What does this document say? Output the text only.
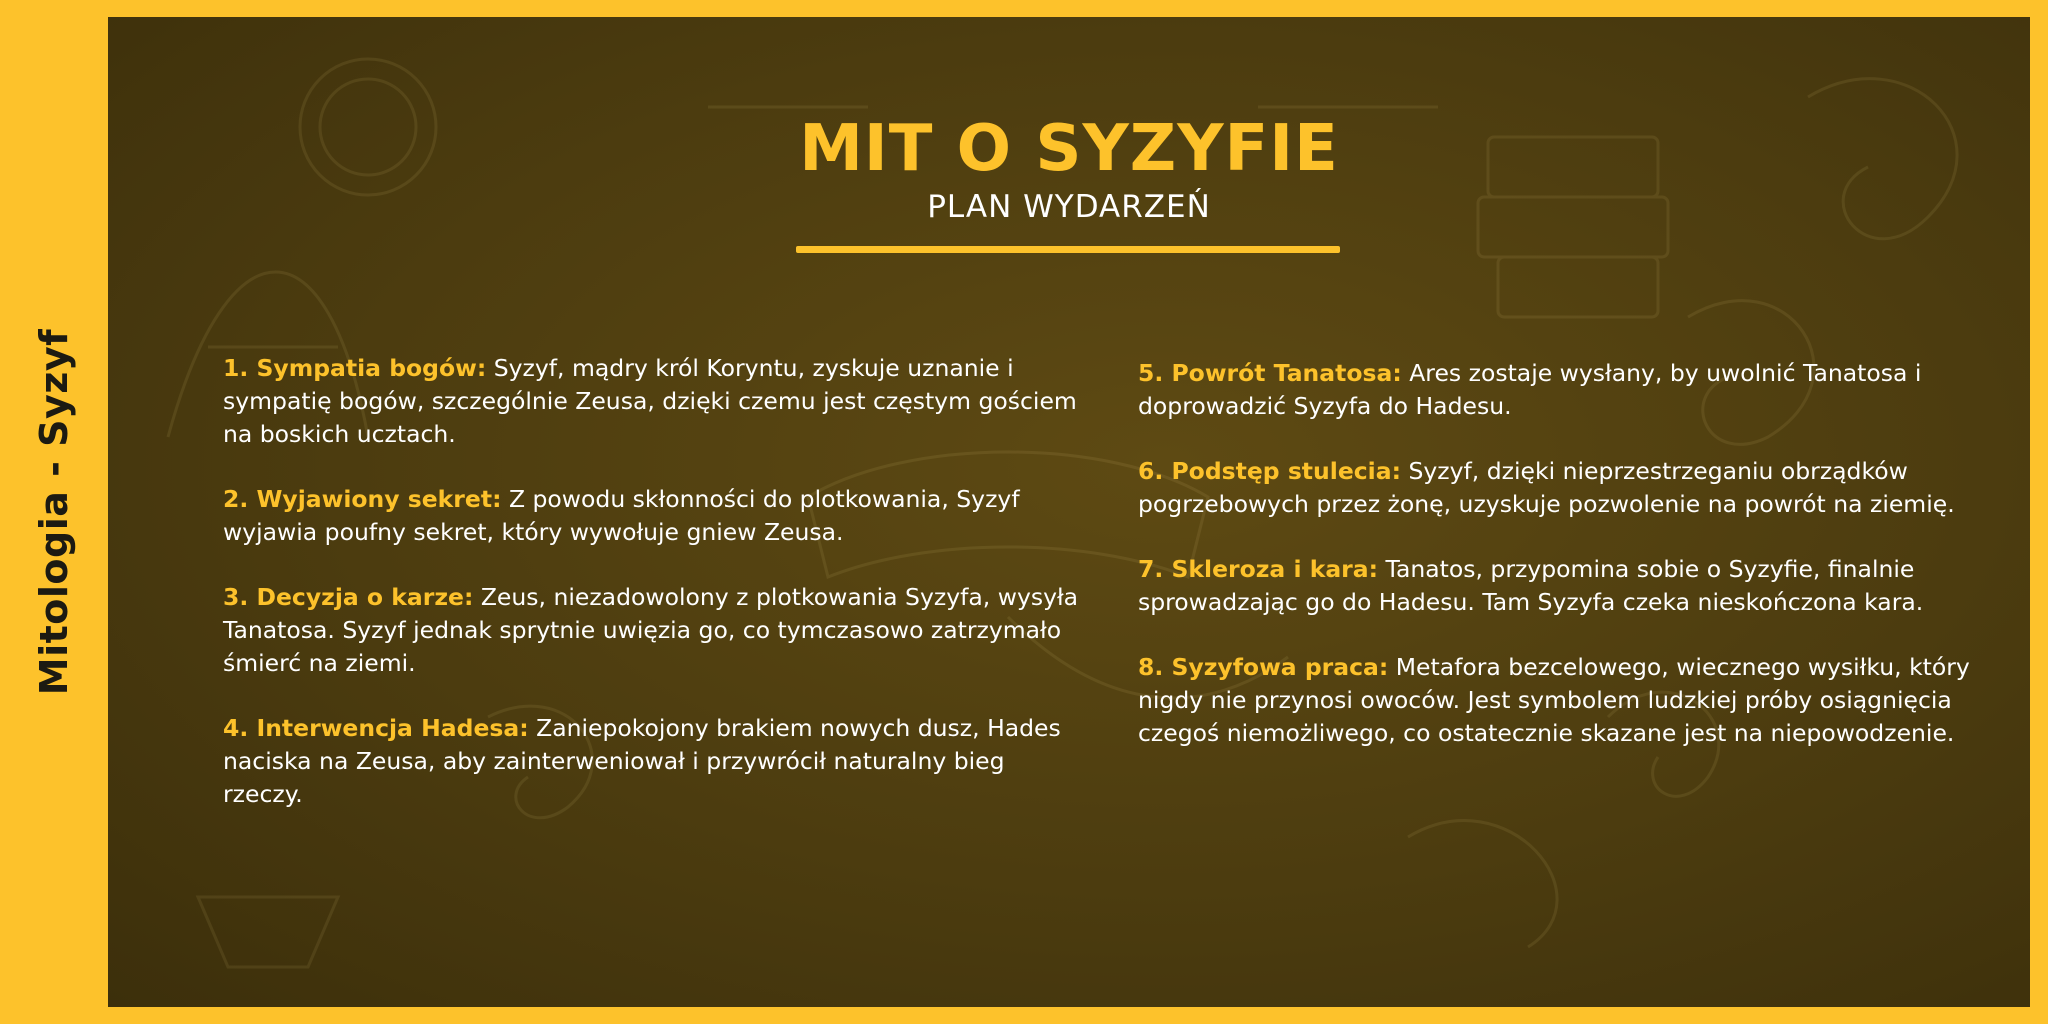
Mitologia - Syzyf
MIT O SYZYFIE
PLAN WYDARZEŃ

1. Sympatia bogów: Syzyf, mądry król Koryntu, zyskuje uznanie i sympatię bogów, szczególnie Zeusa, dzięki czemu jest częstym gościem na boskich ucztach.

2. Wyjawiony sekret: Z powodu skłonności do plotkowania, Syzyf wyjawia poufny sekret, który wywołuje gniew Zeusa.

3. Decyzja o karze: Zeus, niezadowolony z plotkowania Syzyfa, wysyła Tanatosa. Syzyf jednak sprytnie uwięzia go, co tymczasowo zatrzymało śmierć na ziemi.

4. Interwencja Hadesa: Zaniepokojony brakiem nowych dusz, Hades naciska na Zeusa, aby zainterweniował i przywrócił naturalny bieg rzeczy.

5. Powrót Tanatosa: Ares zostaje wysłany, by uwolnić Tanatosa i doprowadzić Syzyfa do Hadesu.

6. Podstęp stulecia: Syzyf, dzięki nieprzestrzeganiu obrządków pogrzebowych przez żonę, uzyskuje pozwolenie na powrót na ziemię.

7. Skleroza i kara: Tanatos, przypomina sobie o Syzyfie, finalnie sprowadzając go do Hadesu. Tam Syzyfa czeka nieskończona kara.

8. Syzyfowa praca: Metafora bezcelowego, wiecznego wysiłku, który nigdy nie przynosi owoców. Jest symbolem ludzkiej próby osiągnięcia czegoś niemożliwego, co ostatecznie skazane jest na niepowodzenie.
